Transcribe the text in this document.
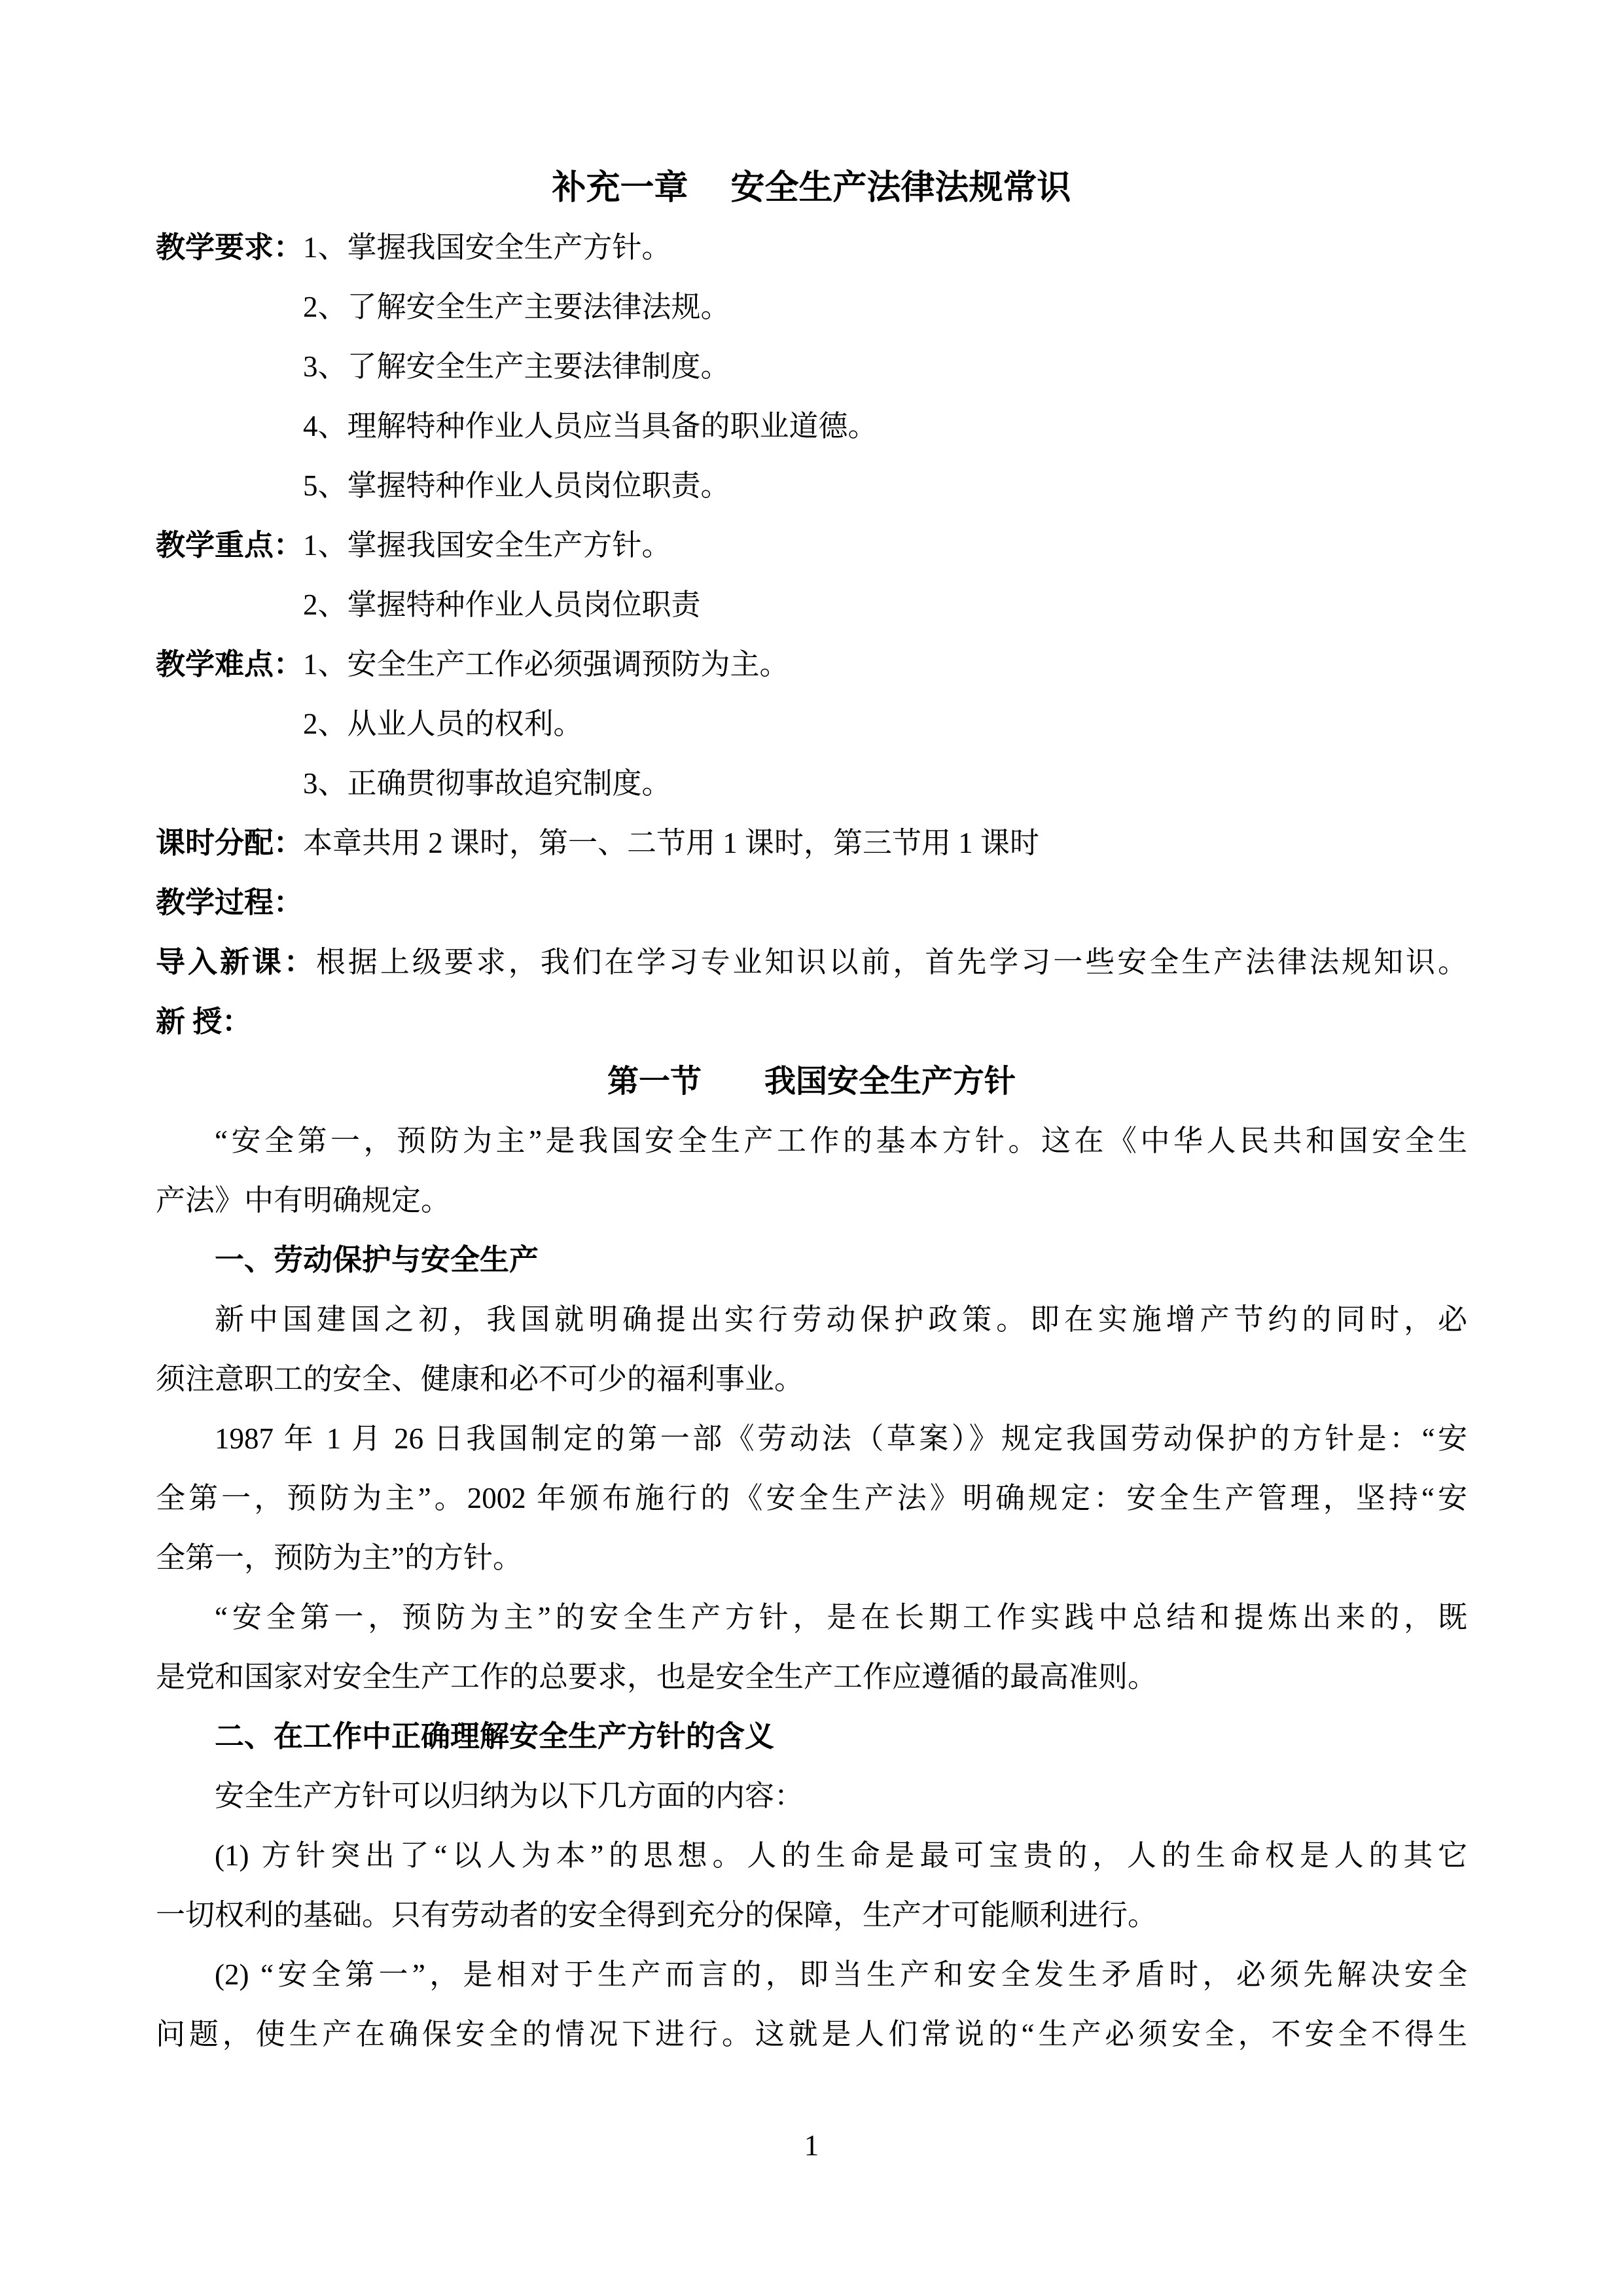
补充一章　 安全生产法律法规常识
教学要求：1、掌握我国安全生产方针。
2、了解安全生产主要法律法规。
3、了解安全生产主要法律制度。
4、理解特种作业人员应当具备的职业道德。
5、掌握特种作业人员岗位职责。
教学重点：1、掌握我国安全生产方针。
2、掌握特种作业人员岗位职责
教学难点：1、安全生产工作必须强调预防为主。
2、从业人员的权利。
3、正确贯彻事故追究制度。
课时分配：本章共用 2 课时，第一、二节用 1 课时，第三节用 1 课时
教学过程：
导入新课：根据上级要求，我们在学习专业知识以前，首先学习一些安全生产法律法规知识。
新 授：
第一节　　我国安全生产方针
“安全第一，预防为主”是我国安全生产工作的基本方针。这在《中华人民共和国安全生
产法》中有明确规定。
一、劳动保护与安全生产
新中国建国之初，我国就明确提出实行劳动保护政策。即在实施增产节约的同时，必
须注意职工的安全、健康和必不可少的福利事业。
1987 年 1 月 26 日我国制定的第一部《劳动法（草案）》规定我国劳动保护的方针是：“安
全第一，预防为主”。2002 年颁布施行的《安全生产法》明确规定：安全生产管理，坚持“安
全第一，预防为主”的方针。
“安全第一，预防为主”的安全生产方针，是在长期工作实践中总结和提炼出来的，既
是党和国家对安全生产工作的总要求，也是安全生产工作应遵循的最高准则。
二、在工作中正确理解安全生产方针的含义
安全生产方针可以归纳为以下几方面的内容：
(1) 方针突出了“以人为本”的思想。人的生命是最可宝贵的，人的生命权是人的其它
一切权利的基础。只有劳动者的安全得到充分的保障，生产才可能顺利进行。
(2) “安全第一”，是相对于生产而言的，即当生产和安全发生矛盾时，必须先解决安全
问题，使生产在确保安全的情况下进行。这就是人们常说的“生产必须安全，不安全不得生
1
